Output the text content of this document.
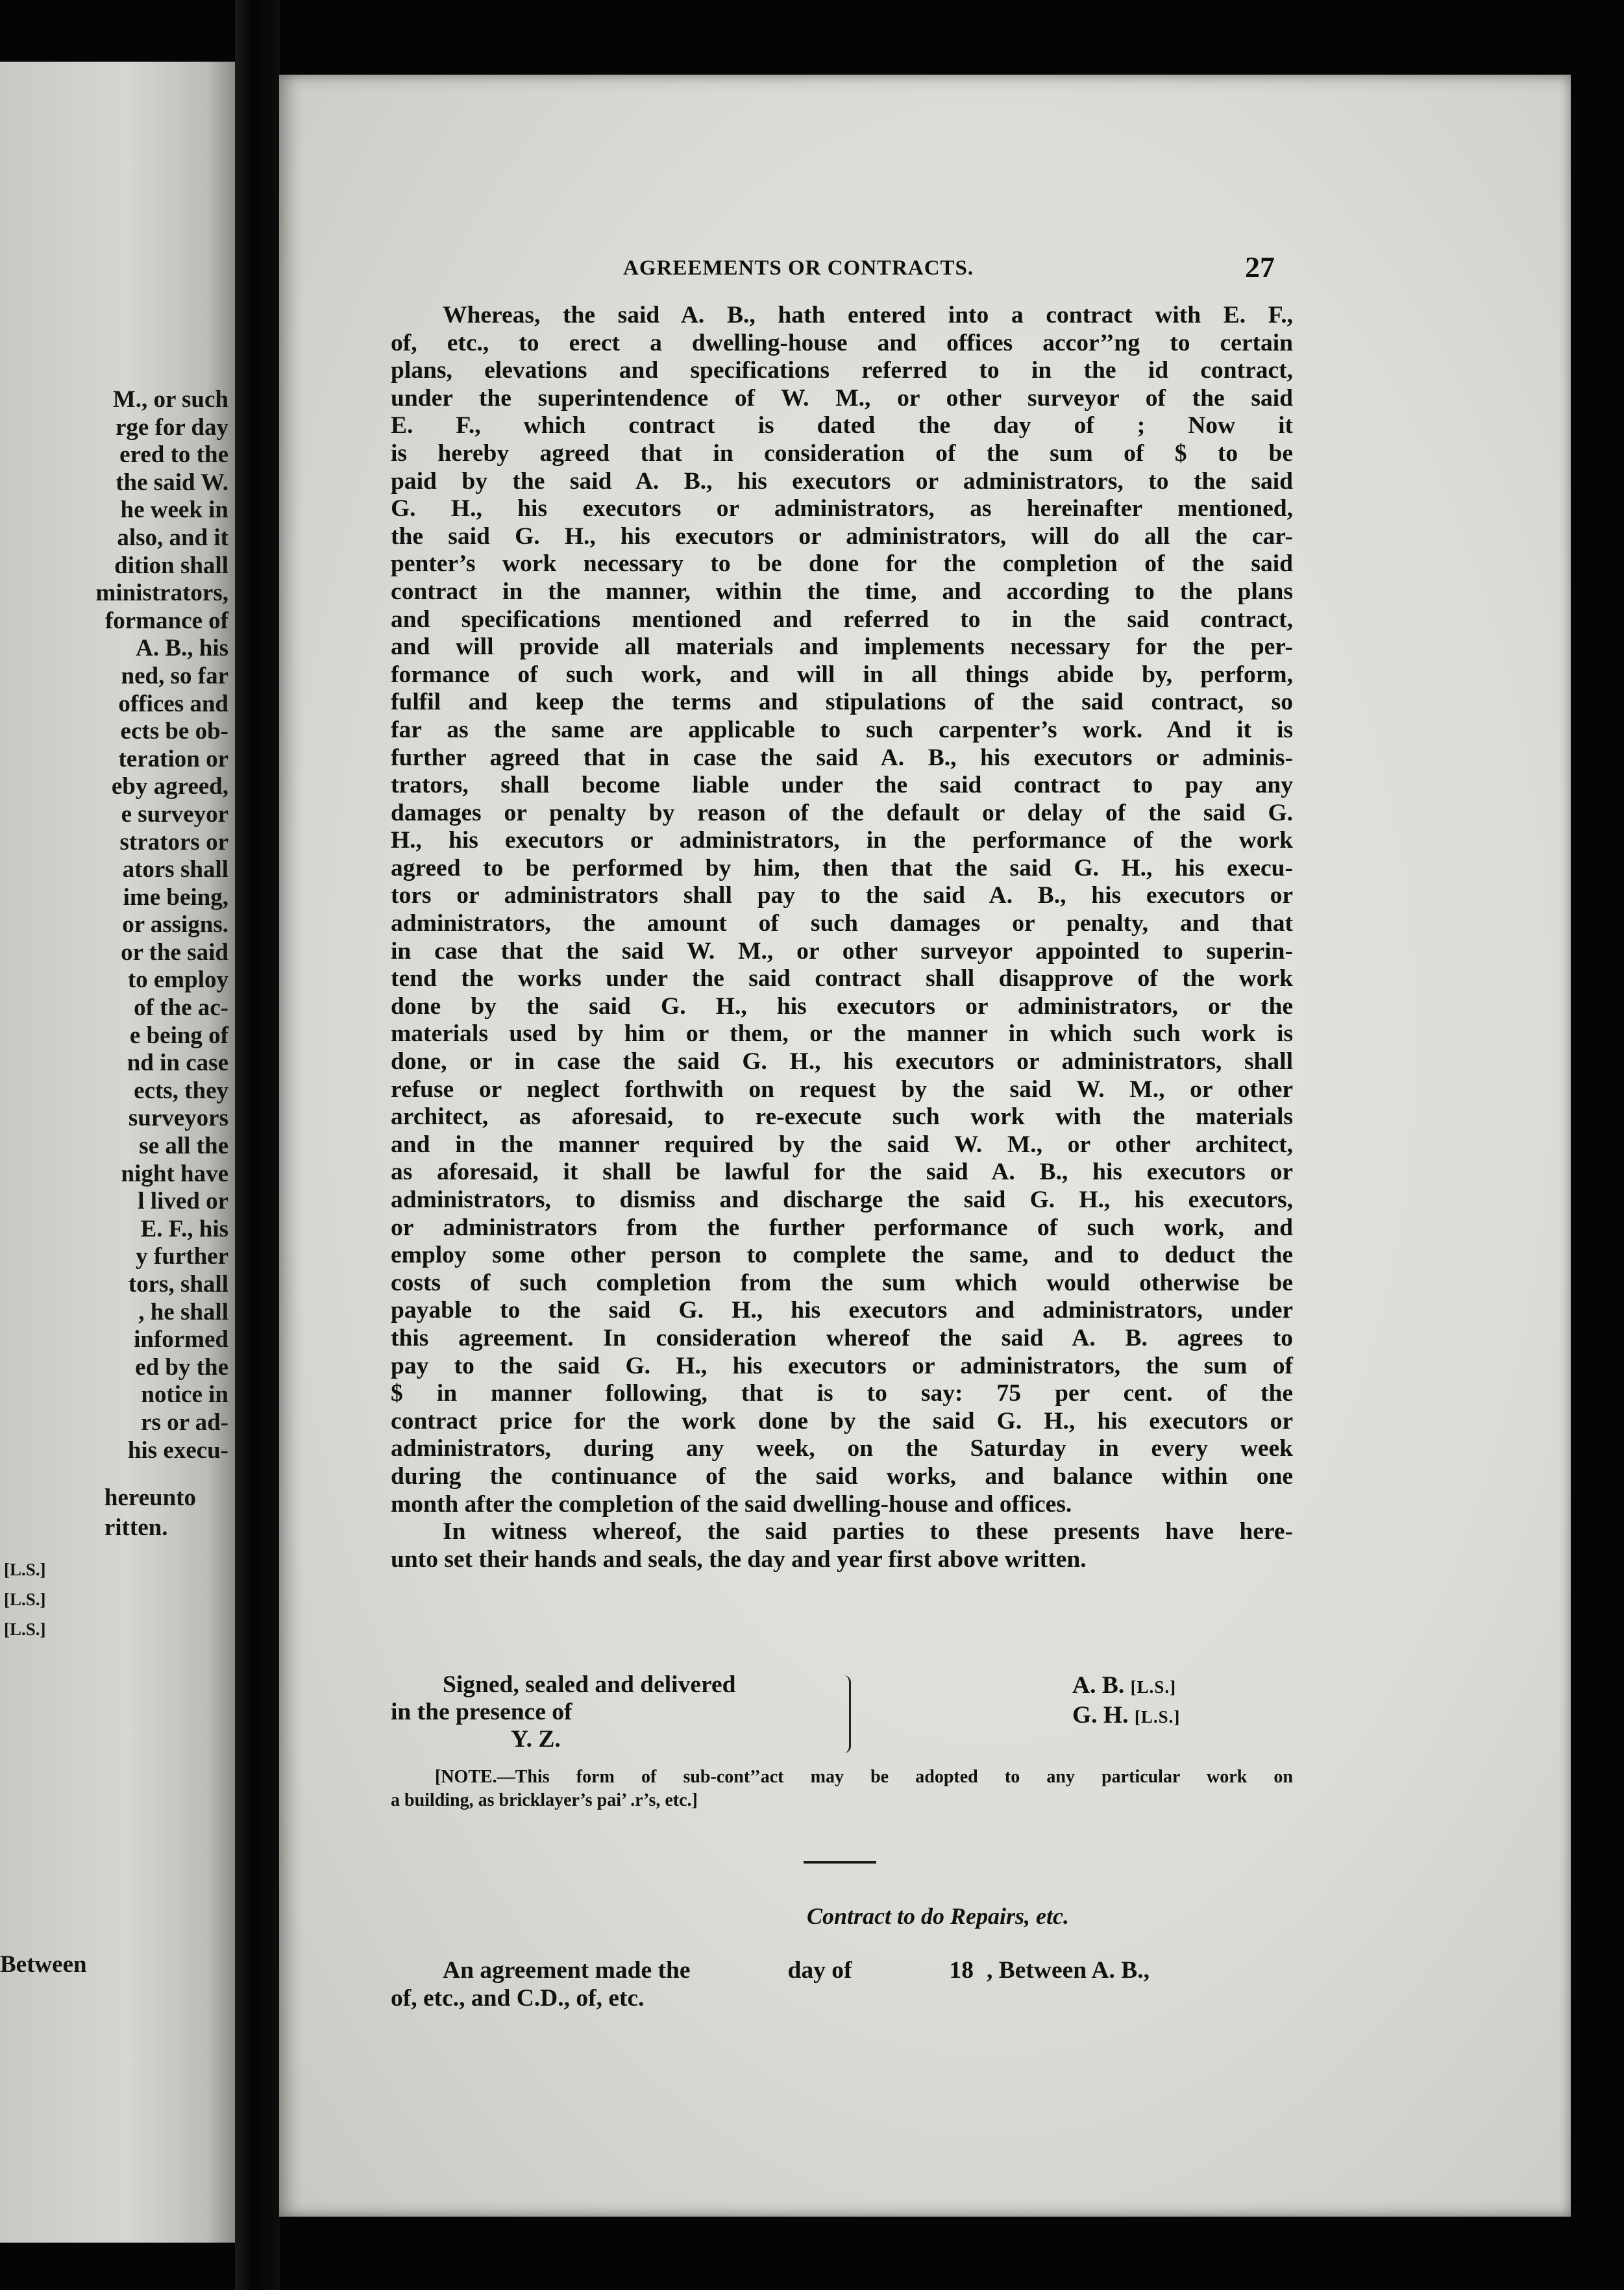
M., or such
rge for day
ered to the
the said W.
he week in
also, and it
dition shall
ministrators,
formance of
A. B., his
ned, so far
offices and
ects be ob-
teration or
eby agreed,
e surveyor
strators or
ators shall
ime being,
or assigns.
or the said
to employ
of the ac-
e being of
nd in case
ects, they
surveyors
se all the
night have
l lived or
E. F., his
y further
tors, shall
, he shall
informed
ed by the
notice in
rs or ad-
his execu-
hereunto
ritten.
[L.S.]
[L.S.]
[L.S.]
Between
AGREEMENTS OR CONTRACTS.	27
Whereas, the said A. B., hath entered into a contract with E. F.,
of, etc., to erect a dwelling-house and offices accor’’ng to certain
plans, elevations and specifications referred to in the id contract,
under the superintendence of W. M., or other surveyor of the said
E. F., which contract is dated the day of ; Now it
is hereby agreed that in consideration of the sum of $ to be
paid by the said A. B., his executors or administrators, to the said
G. H., his executors or administrators, as hereinafter mentioned,
the said G. H., his executors or administrators, will do all the car-
penter’s work necessary to be done for the completion of the said
contract in the manner, within the time, and according to the plans
and specifications mentioned and referred to in the said contract,
and will provide all materials and implements necessary for the per-
formance of such work, and will in all things abide by, perform,
fulfil and keep the terms and stipulations of the said contract, so
far as the same are applicable to such carpenter’s work. And it is
further agreed that in case the said A. B., his executors or adminis-
trators, shall become liable under the said contract to pay any
damages or penalty by reason of the default or delay of the said G.
H., his executors or administrators, in the performance of the work
agreed to be performed by him, then that the said G. H., his execu-
tors or administrators shall pay to the said A. B., his executors or
administrators, the amount of such damages or penalty, and that
in case that the said W. M., or other surveyor appointed to superin-
tend the works under the said contract shall disapprove of the work
done by the said G. H., his executors or administrators, or the
materials used by him or them, or the manner in which such work is
done, or in case the said G. H., his executors or administrators, shall
refuse or neglect forthwith on request by the said W. M., or other
architect, as aforesaid, to re-execute such work with the materials
and in the manner required by the said W. M., or other architect,
as aforesaid, it shall be lawful for the said A. B., his executors or
administrators, to dismiss and discharge the said G. H., his executors,
or administrators from the further performance of such work, and
employ some other person to complete the same, and to deduct the
costs of such completion from the sum which would otherwise be
payable to the said G. H., his executors and administrators, under
this agreement. In consideration whereof the said A. B. agrees to
pay to the said G. H., his executors or administrators, the sum of
$ in manner following, that is to say: 75 per cent. of the
contract price for the work done by the said G. H., his executors or
administrators, during any week, on the Saturday in every week
during the continuance of the said works, and balance within one
month after the completion of the said dwelling-house and offices.
In witness whereof, the said parties to these presents have here-
unto set their hands and seals, the day and year first above written.
Signed, sealed and delivered
in the presence of
Y. Z.
A. B. [L.S.]
G. H. [L.S.]
[NOTE.—This form of sub-cont’’act may be adopted to any particular work on
a building, as bricklayer’s pai’ .r’s, etc.]
Contract to do Repairs, etc.
An agreement made the	day of	18 , Between A. B.,
of, etc., and C.D., of, etc.
